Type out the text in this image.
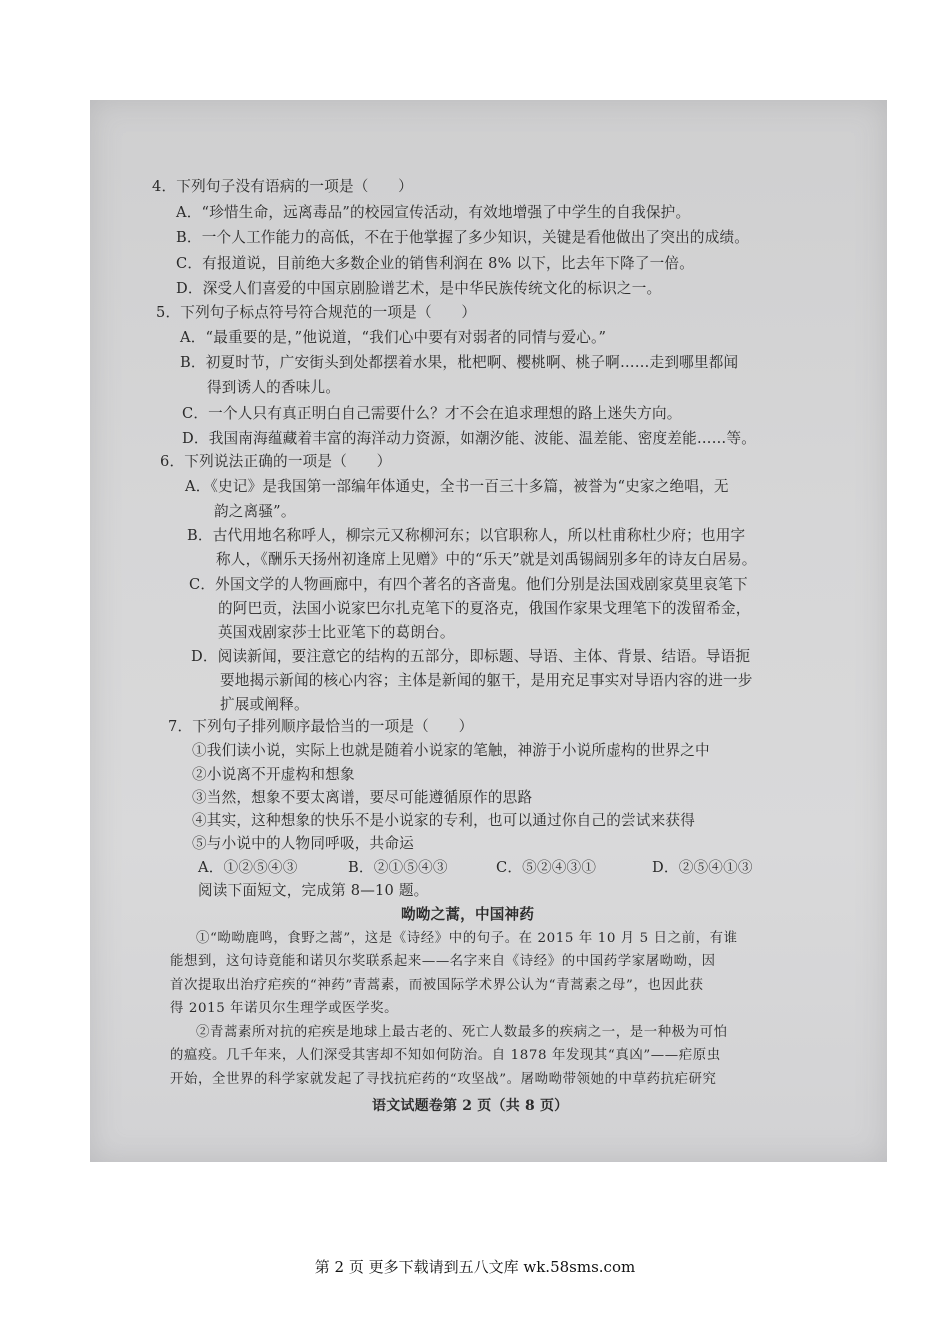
4．下列句子没有语病的一项是（　　）
A．“珍惜生命，远离毒品”的校园宣传活动，有效地增强了中学生的自我保护。
B．一个人工作能力的高低，不在于他掌握了多少知识，关键是看他做出了突出的成绩。
C．有报道说，目前绝大多数企业的销售利润在 8% 以下，比去年下降了一倍。
D．深受人们喜爱的中国京剧脸谱艺术，是中华民族传统文化的标识之一。
5．下列句子标点符号符合规范的一项是（　　）
A．“最重要的是，”他说道，“我们心中要有对弱者的同情与爱心。”
B．初夏时节，广安街头到处都摆着水果，枇杷啊、樱桃啊、桃子啊……走到哪里都闻
得到诱人的香味儿。
C．一个人只有真正明白自己需要什么？才不会在追求理想的路上迷失方向。
D．我国南海蕴藏着丰富的海洋动力资源，如潮汐能、波能、温差能、密度差能……等。
6．下列说法正确的一项是（　　）
A．《史记》是我国第一部编年体通史，全书一百三十多篇，被誉为“史家之绝唱，无
韵之离骚”。
B．古代用地名称呼人，柳宗元又称柳河东；以官职称人，所以杜甫称杜少府；也用字
称人，《酬乐天扬州初逢席上见赠》中的“乐天”就是刘禹锡阔别多年的诗友白居易。
C．外国文学的人物画廊中，有四个著名的吝啬鬼。他们分别是法国戏剧家莫里哀笔下
的阿巴贡，法国小说家巴尔扎克笔下的夏洛克，俄国作家果戈理笔下的泼留希金，
英国戏剧家莎士比亚笔下的葛朗台。
D．阅读新闻，要注意它的结构的五部分，即标题、导语、主体、背景、结语。导语扼
要地揭示新闻的核心内容；主体是新闻的躯干，是用充足事实对导语内容的进一步
扩展或阐释。
7．下列句子排列顺序最恰当的一项是（　　）
①我们读小说，实际上也就是随着小说家的笔触，神游于小说所虚构的世界之中
②小说离不开虚构和想象
③当然，想象不要太离谱，要尽可能遵循原作的思路
④其实，这种想象的快乐不是小说家的专利，也可以通过你自己的尝试来获得
⑤与小说中的人物同呼吸，共命运
A．①②⑤④③	B．②①⑤④③	C．⑤②④③①	D．②⑤④①③
阅读下面短文，完成第 8—10 题。
呦呦之蒿，中国神药
①“呦呦鹿鸣，食野之蒿”，这是《诗经》中的句子。在 2015 年 10 月 5 日之前，有谁
能想到，这句诗竟能和诺贝尔奖联系起来——名字来自《诗经》的中国药学家屠呦呦，因
首次提取出治疗疟疾的“神药”青蒿素，而被国际学术界公认为“青蒿素之母”，也因此获
得 2015 年诺贝尔生理学或医学奖。
②青蒿素所对抗的疟疾是地球上最古老的、死亡人数最多的疾病之一，是一种极为可怕
的瘟疫。几千年来，人们深受其害却不知如何防治。自 1878 年发现其“真凶”——疟原虫
开始，全世界的科学家就发起了寻找抗疟药的“攻坚战”。屠呦呦带领她的中草药抗疟研究
语文试题卷第 2 页（共 8 页）
第 2 页 更多下载请到五八文库 wk.58sms.com
